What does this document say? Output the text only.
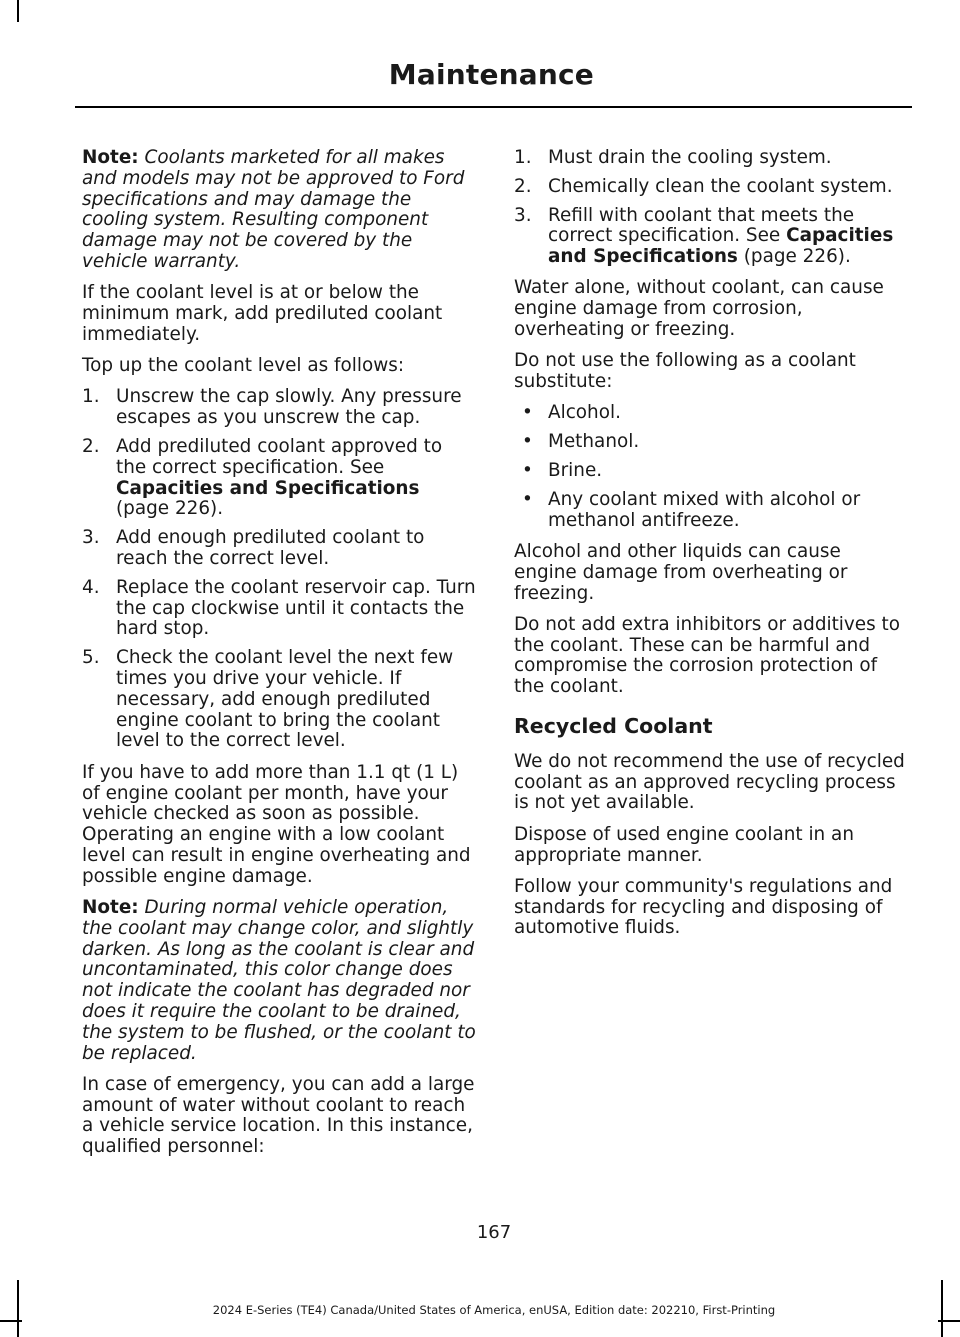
Maintenance

Note: Coolants marketed for all makes and models may not be approved to Ford specifications and may damage the cooling system. Resulting component damage may not be covered by the vehicle warranty.

If the coolant level is at or below the minimum mark, add prediluted coolant immediately.

Top up the coolant level as follows:

1. Unscrew the cap slowly. Any pressure escapes as you unscrew the cap.
2. Add prediluted coolant approved to the correct specification. See Capacities and Specifications (page 226).
3. Add enough prediluted coolant to reach the correct level.
4. Replace the coolant reservoir cap. Turn the cap clockwise until it contacts the hard stop.
5. Check the coolant level the next few times you drive your vehicle. If necessary, add enough prediluted engine coolant to bring the coolant level to the correct level.

If you have to add more than 1.1 qt (1 L) of engine coolant per month, have your vehicle checked as soon as possible. Operating an engine with a low coolant level can result in engine overheating and possible engine damage.

Note: During normal vehicle operation, the coolant may change color, and slightly darken. As long as the coolant is clear and uncontaminated, this color change does not indicate the coolant has degraded nor does it require the coolant to be drained, the system to be flushed, or the coolant to be replaced.

In case of emergency, you can add a large amount of water without coolant to reach a vehicle service location. In this instance, qualified personnel:

1. Must drain the cooling system.
2. Chemically clean the coolant system.
3. Refill with coolant that meets the correct specification. See Capacities and Specifications (page 226).

Water alone, without coolant, can cause engine damage from corrosion, overheating or freezing.

Do not use the following as a coolant substitute:

• Alcohol.
• Methanol.
• Brine.
• Any coolant mixed with alcohol or methanol antifreeze.

Alcohol and other liquids can cause engine damage from overheating or freezing.

Do not add extra inhibitors or additives to the coolant. These can be harmful and compromise the corrosion protection of the coolant.

Recycled Coolant

We do not recommend the use of recycled coolant as an approved recycling process is not yet available.

Dispose of used engine coolant in an appropriate manner.

Follow your community's regulations and standards for recycling and disposing of automotive fluids.

167
2024 E-Series (TE4) Canada/United States of America, enUSA, Edition date: 202210, First-Printing
